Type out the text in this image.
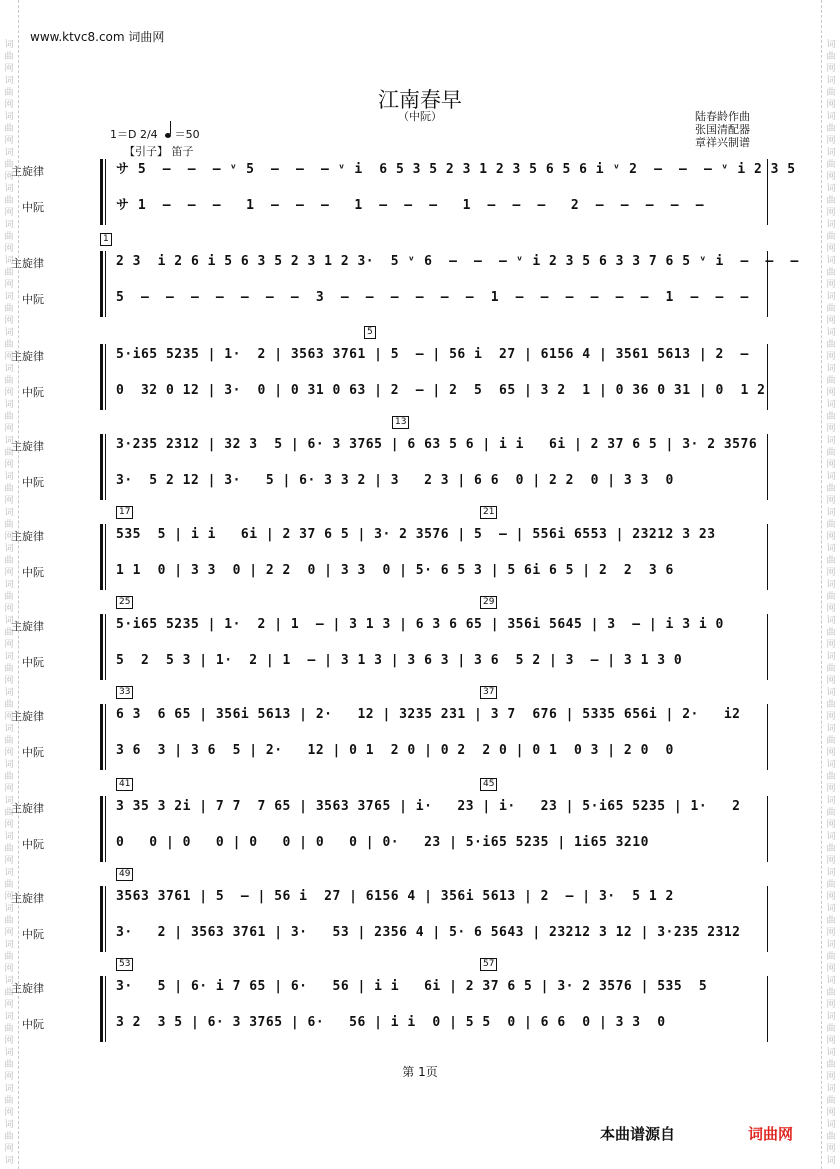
词
曲
网
词
曲
网
词
曲
网
词
曲
网
词
曲
网
词
曲
网
词
曲
网
词
曲
网
词
曲
网
词
曲
网
词
曲
网
词
曲
网
词
曲
网
词
曲
网
词
曲
网
词
曲
网
词
曲
网
词
曲
网
词
曲
网
词
曲
网
词
曲
网
词
曲
网
词
曲
网
词
曲
网
词
曲
网
词
曲
网
词
曲
网
词
曲
网
词
曲
网
词
曲
网
词
曲
网
词
词
曲
网
词
曲
网
词
曲
网
词
曲
网
词
曲
网
词
曲
网
词
曲
网
词
曲
网
词
曲
网
词
曲
网
词
曲
网
词
曲
网
词
曲
网
词
曲
网
词
曲
网
词
曲
网
词
曲
网
词
曲
网
词
曲
网
词
曲
网
词
曲
网
词
曲
网
词
曲
网
词
曲
网
词
曲
网
词
曲
网
词
曲
网
词
曲
网
词
曲
网
词
曲
网
词
曲
网
词
www.ktvc8.com 词曲网
江南春早
（中阮）	陆春龄作曲
张国清配器
章祥兴制谱
1＝D 2/4 ＝50
【引子】 笛子
主旋律	サ 5  –  –  – ᵛ 5  –  –  – ᵛ i  6 5 3 5 2 3 1 2 3 5 6 5 6 i ᵛ 2  –  –  – ᵛ i 2 3 5
中阮	サ 1  –  –  –   1  –  –  –   1  –  –  –   1  –  –  –   2  –  –  –  –  –
主旋律	2 3  i 2 6 i 5 6 3 5 2 3 1 2 3·  5 ᵛ 6  –  –  – ᵛ i 2 3 5 6 3 3 7 6 5 ᵛ i  –  –  –
中阮	5  –  –  –  –  –  –  –  3  –  –  –  –  –  –  1  –  –  –  –  –  –  1  –  –  –
1
主旋律	5·i65 5235 | 1·  2 | 3563 3761 | 5  – | 56 i  27 | 6156 4 | 3561 5613 | 2  –
中阮	0  32 0 12 | 3·  0 | 0 31 0 63 | 2  – | 2  5  65 | 3 2  1 | 0 36 0 31 | 0  1 2
5
主旋律	3·235 2312 | 32 3  5 | 6· 3 3765 | 6 63 5 6 | i i   6i | 2 37 6 5 | 3· 2 3576
中阮	3·  5 2 12 | 3·   5 | 6· 3 3 2 | 3   2 3 | 6 6  0 | 2 2  0 | 3 3  0
13
主旋律	535  5 | i i   6i | 2 37 6 5 | 3· 2 3576 | 5  – | 556i 6553 | 23212 3 23
中阮	1 1  0 | 3 3  0 | 2 2  0 | 3 3  0 | 5· 6 5 3 | 5 6i 6 5 | 2  2  3 6
17	21
主旋律	5·i65 5235 | 1·  2 | 1  – | 3 1 3 | 6 3 6 65 | 356i 5645 | 3  – | i 3 i 0
中阮	5  2  5 3 | 1·  2 | 1  – | 3 1 3 | 3 6 3 | 3 6  5 2 | 3  – | 3 1 3 0
25	29
主旋律	6 3  6 65 | 356i 5613 | 2·   12 | 3235 231 | 3 7  676 | 5335 656i | 2·   i2
中阮	3 6  3 | 3 6  5 | 2·   12 | 0 1  2 0 | 0 2  2 0 | 0 1  0 3 | 2 0  0
33	37
主旋律	3 35 3 2i | 7 7  7 65 | 3563 3765 | i·   23 | i·   23 | 5·i65 5235 | 1·   2
中阮	0   0 | 0   0 | 0   0 | 0   0 | 0·   23 | 5·i65 5235 | 1i65 3210
41	45
主旋律	3563 3761 | 5  – | 56 i  27 | 6156 4 | 356i 5613 | 2  – | 3·  5 1 2
中阮	3·   2 | 3563 3761 | 3·   53 | 2356 4 | 5· 6 5643 | 23212 3 12 | 3·235 2312
49
主旋律	3·   5 | 6· i 7 65 | 6·   56 | i i   6i | 2 37 6 5 | 3· 2 3576 | 535  5
中阮	3 2  3 5 | 6· 3 3765 | 6·   56 | i i  0 | 5 5  0 | 6 6  0 | 3 3  0
53	57
第 1页
本曲谱源自	词曲网
